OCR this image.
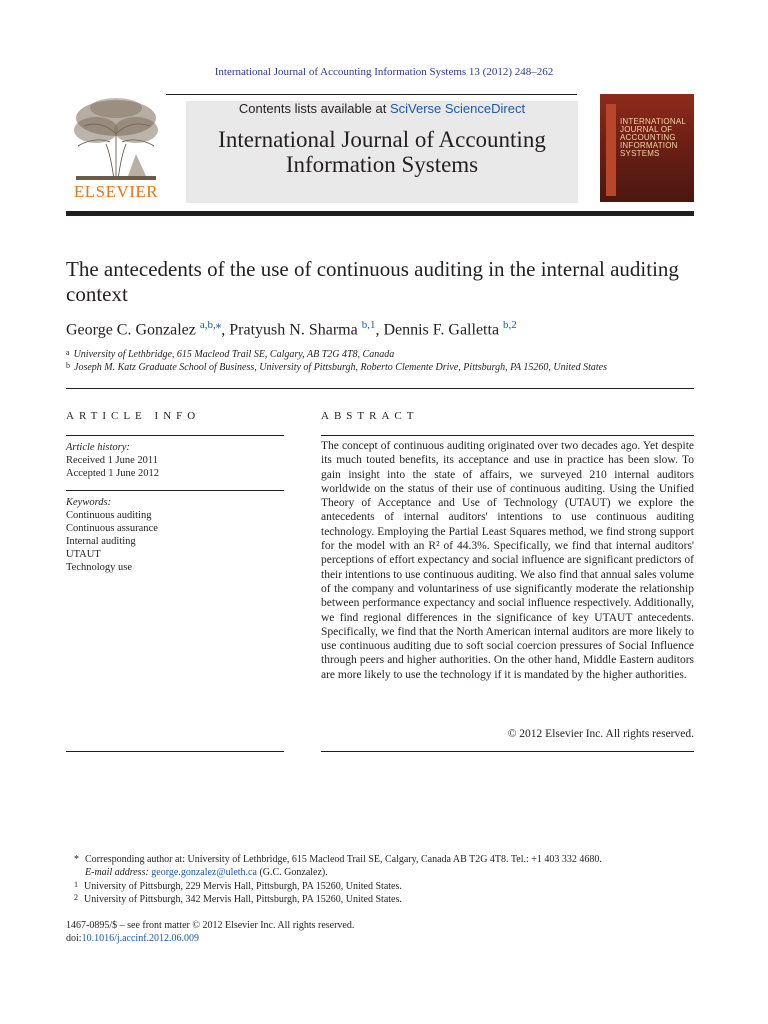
International Journal of Accounting Information Systems 13 (2012) 248–262
ELSEVIER
Contents lists available at SciVerse ScienceDirect
International Journal of Accounting
Information Systems
INTERNATIONAL JOURNAL OF ACCOUNTING INFORMATION SYSTEMS
The antecedents of the use of continuous auditing in the internal auditing context
George C. Gonzalez $^{a,b,⁎}$, Pratyush N. Sharma $^{b,1}$, Dennis F. Galletta $^{b,2}$
$^a$ University of Lethbridge, 615 Macleod Trail SE, Calgary, AB T2G 4T8, Canada
$^b$ Joseph M. Katz Graduate School of Business, University of Pittsburgh, Roberto Clemente Drive, Pittsburgh, PA 15260, United States
ARTICLE INFO
Article history:
Received 1 June 2011
Accepted 1 June 2012
Keywords:
Continuous auditing
Continuous assurance
Internal auditing
UTAUT
Technology use
ABSTRACT
The concept of continuous auditing originated over two decades ago. Yet despite its much touted benefits, its acceptance and use in practice has been slow. To gain insight into the state of affairs, we surveyed 210 internal auditors worldwide on the status of their use of continuous auditing. Using the Unified Theory of Acceptance and Use of Technology (UTAUT) we explore the antecedents of internal auditors' intentions to use continuous auditing technology. Employing the Partial Least Squares method, we find strong support for the model with an R² of 44.3%. Specifically, we find that internal auditors' perceptions of effort expectancy and social influence are significant predictors of their intentions to use continuous auditing. We also find that annual sales volume of the company and voluntariness of use significantly moderate the relationship between performance expectancy and social influence respectively. Additionally, we find regional differences in the significance of key UTAUT antecedents. Specifically, we find that the North American internal auditors are more likely to use continuous auditing due to soft social coercion pressures of Social Influence through peers and higher authorities. On the other hand, Middle Eastern auditors are more likely to use the technology if it is mandated by the higher authorities.
© 2012 Elsevier Inc. All rights reserved.
* Corresponding author at: University of Lethbridge, 615 Macleod Trail SE, Calgary, Canada AB T2G 4T8. Tel.: +1 403 332 4680.
E-mail address: george.gonzalez@uleth.ca (G.C. Gonzalez).
$^1$ University of Pittsburgh, 229 Mervis Hall, Pittsburgh, PA 15260, United States.
$^2$ University of Pittsburgh, 342 Mervis Hall, Pittsburgh, PA 15260, United States.
1467-0895/$ – see front matter © 2012 Elsevier Inc. All rights reserved.
doi:10.1016/j.accinf.2012.06.009
